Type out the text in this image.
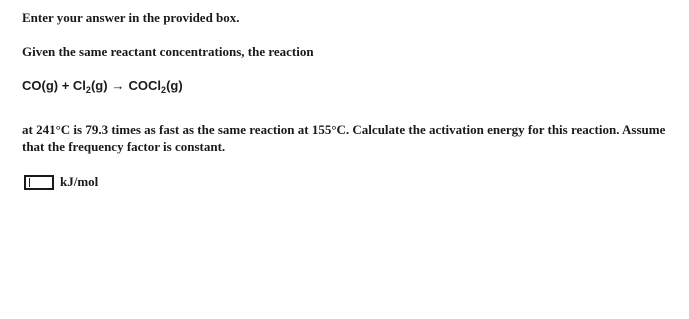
Enter your answer in the provided box.
Given the same reactant concentrations, the reaction
$CO(g) + Cl_2(g)$ → COCl$_2$(g)
at 241°C is 79.3 times as fast as the same reaction at 155°C. Calculate the activation energy for this reaction. Assume that the frequency factor is constant.
kJ/mol
